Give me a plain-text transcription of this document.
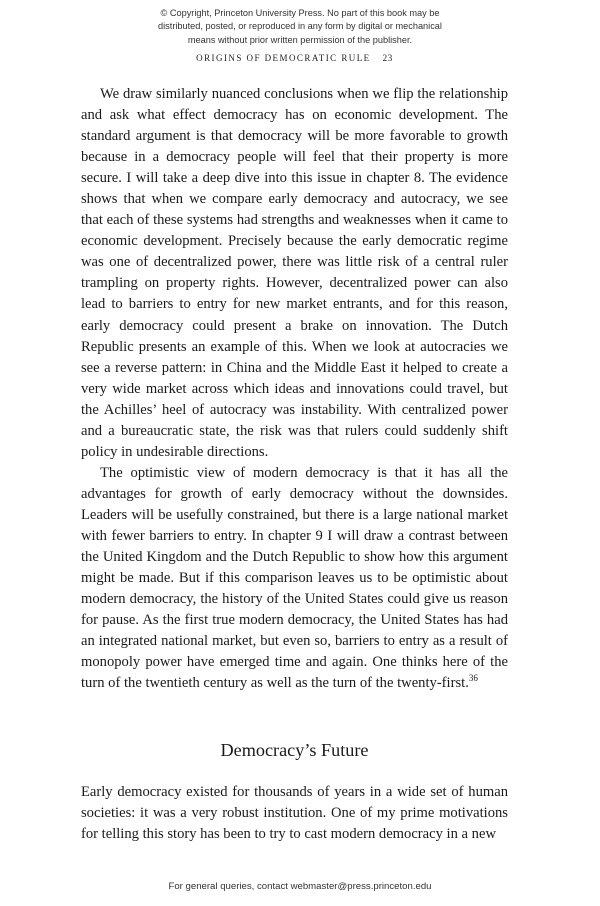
© Copyright, Princeton University Press. No part of this book may be
distributed, posted, or reproduced in any form by digital or mechanical
means without prior written permission of the publisher.
ORIGINS OF DEMOCRATIC RULE 23

We draw similarly nuanced conclusions when we flip the relationship and ask what effect democracy has on economic development. The standard argument is that democracy will be more favorable to growth because in a democracy people will feel that their property is more secure. I will take a deep dive into this issue in chapter 8. The evidence shows that when we compare early democracy and autocracy, we see that each of these systems had strengths and weaknesses when it came to economic development. Precisely because the early democratic regime was one of decentralized power, there was little risk of a central ruler trampling on property rights. However, decentralized power can also lead to barriers to entry for new market entrants, and for this reason, early democracy could present a brake on innovation. The Dutch Republic presents an example of this. When we look at autocracies we see a reverse pattern: in China and the Middle East it helped to create a very wide market across which ideas and innovations could travel, but the Achilles’ heel of autocracy was instability. With centralized power and a bureaucratic state, the risk was that rulers could suddenly shift policy in undesirable directions.

The optimistic view of modern democracy is that it has all the advantages for growth of early democracy without the downsides. Leaders will be usefully constrained, but there is a large national market with fewer barriers to entry. In chapter 9 I will draw a contrast between the United Kingdom and the Dutch Republic to show how this argument might be made. But if this comparison leaves us to be optimistic about modern democracy, the history of the United States could give us reason for pause. As the first true modern democracy, the United States has had an integrated national market, but even so, barriers to entry as a result of monopoly power have emerged time and again. One thinks here of the turn of the twentieth century as well as the turn of the twenty-first.$^{36}$

Democracy’s Future

Early democracy existed for thousands of years in a wide set of human societies: it was a very robust institution. One of my prime motivations for telling this story has been to try to cast modern democracy in a new

For general queries, contact webmaster@press.princeton.edu
